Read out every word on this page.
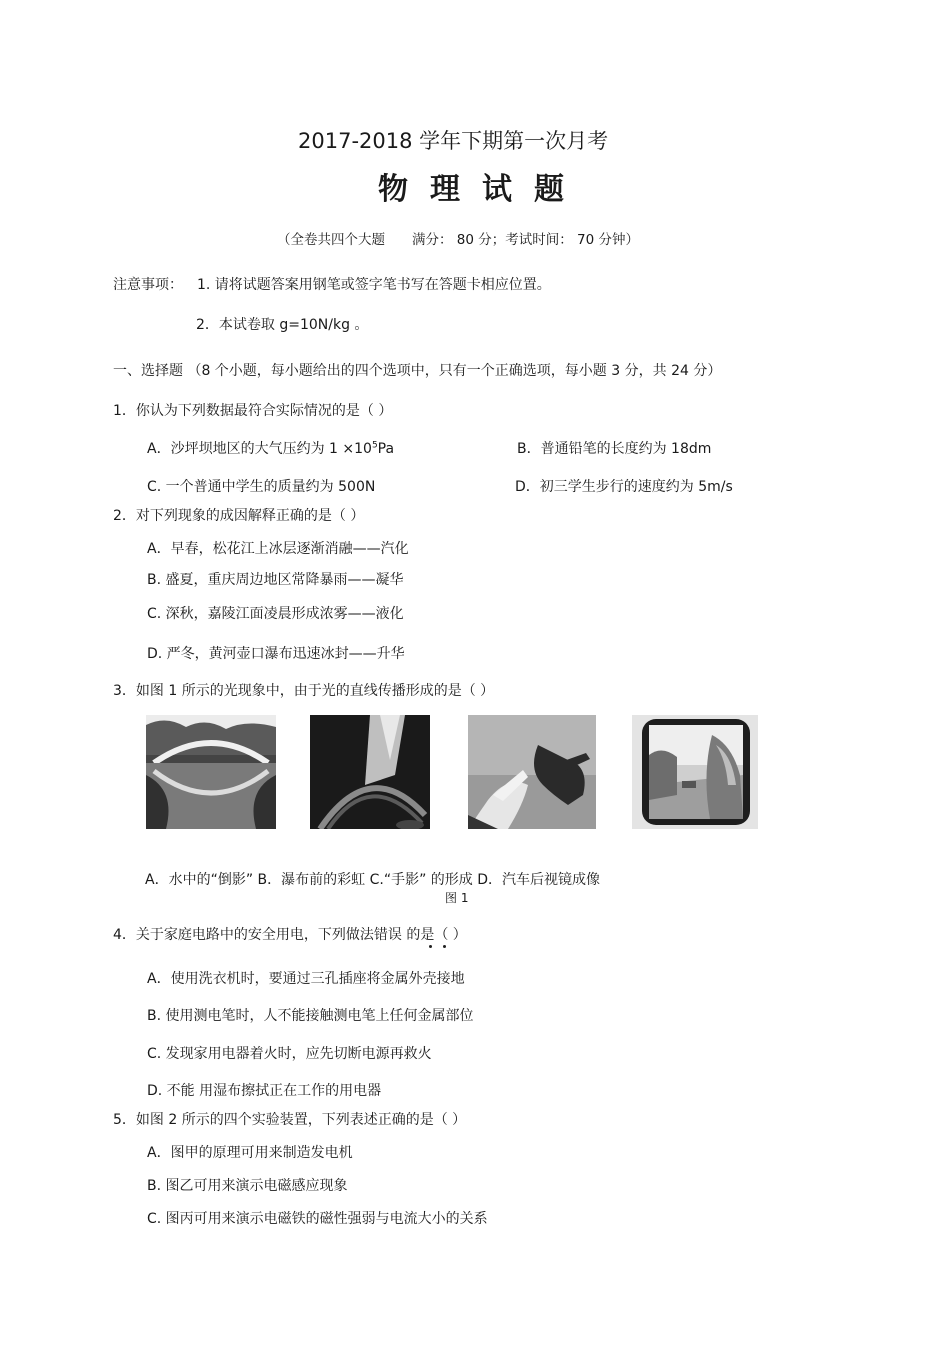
2017-2018 学年下期第一次月考
物理试题
（全卷共四个大题　　满分： 80 分；考试时间： 70 分钟）
注意事项： 1. 请将试题答案用钢笔或签字笔书写在答题卡相应位置。
2．本试卷取 g=10N/kg 。
一、选择题 （8 个小题，每小题给出的四个选项中，只有一个正确选项，每小题 3 分，共 24 分）
1．你认为下列数据最符合实际情况的是（ ）
A．沙坪坝地区的大气压约为 $1 \times 10^5Pa$	B．普通铅笔的长度约为 18dm
C. 一个普通中学生的质量约为 500N	D．初三学生步行的速度约为 5m/s
2．对下列现象的成因解释正确的是（ ）
A．早春，松花江上冰层逐渐消融——汽化
B. 盛夏，重庆周边地区常降暴雨——凝华
C. 深秋，嘉陵江面凌晨形成浓雾——液化
D. 严冬，黄河壶口瀑布迅速冰封——升华
3．如图 1 所示的光现象中，由于光的直线传播形成的是（ ）
A．水中的“倒影” B．瀑布前的彩虹 C.“手影” 的形成 D．汽车后视镜成像
图 1
4．关于家庭电路中的安全用电，下列做法错误 的是（ ）
A．使用洗衣机时，要通过三孔插座将金属外壳接地
B. 使用测电笔时，人不能接触测电笔上任何金属部位
C. 发现家用电器着火时，应先切断电源再救火
D. 不能 用湿布擦拭正在工作的用电器
5．如图 2 所示的四个实验装置，下列表述正确的是（ ）
A．图甲的原理可用来制造发电机
B. 图乙可用来演示电磁感应现象
C. 图丙可用来演示电磁铁的磁性强弱与电流大小的关系
